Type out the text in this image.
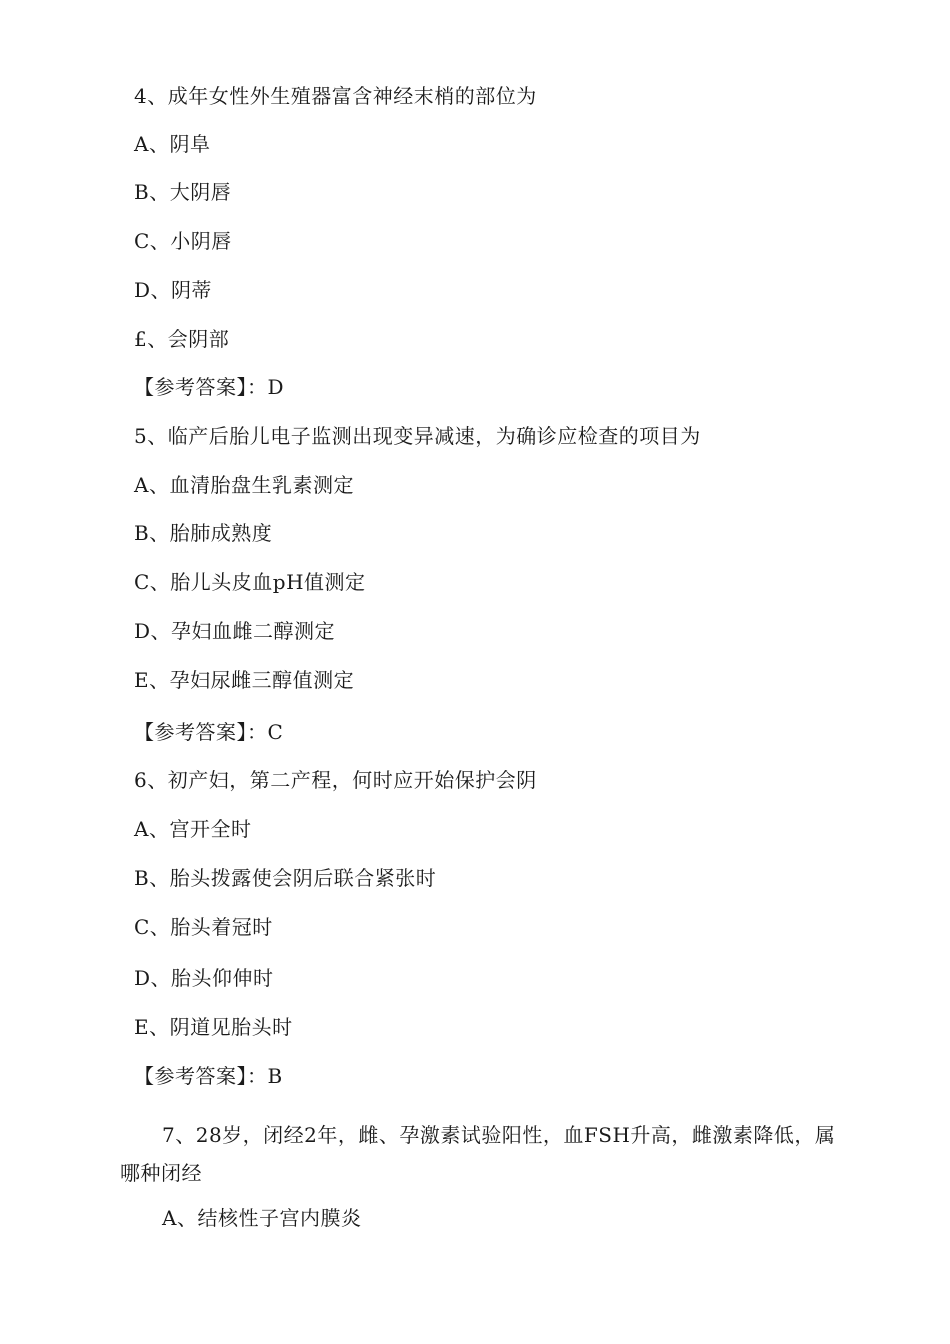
4、成年女性外生殖器富含神经末梢的部位为
A、阴阜
B、大阴唇
C、小阴唇
D、阴蒂
£、会阴部
【参考答案】：D
5、临产后胎儿电子监测出现变异减速，为确诊应检查的项目为
A、血清胎盘生乳素测定
B、胎肺成熟度
C、胎儿头皮血pH值测定
D、孕妇血雌二醇测定
E、孕妇尿雌三醇值测定
【参考答案】：C
6、初产妇，第二产程，何时应开始保护会阴
A、宫开全时
B、胎头拨露使会阴后联合紧张时
C、胎头着冠时
D、胎头仰伸时
E、阴道见胎头时
【参考答案】：B
7、28岁，闭经2年，雌、孕激素试验阳性，血FSH升高，雌激素降低，属哪种闭经
A、结核性子宫内膜炎
